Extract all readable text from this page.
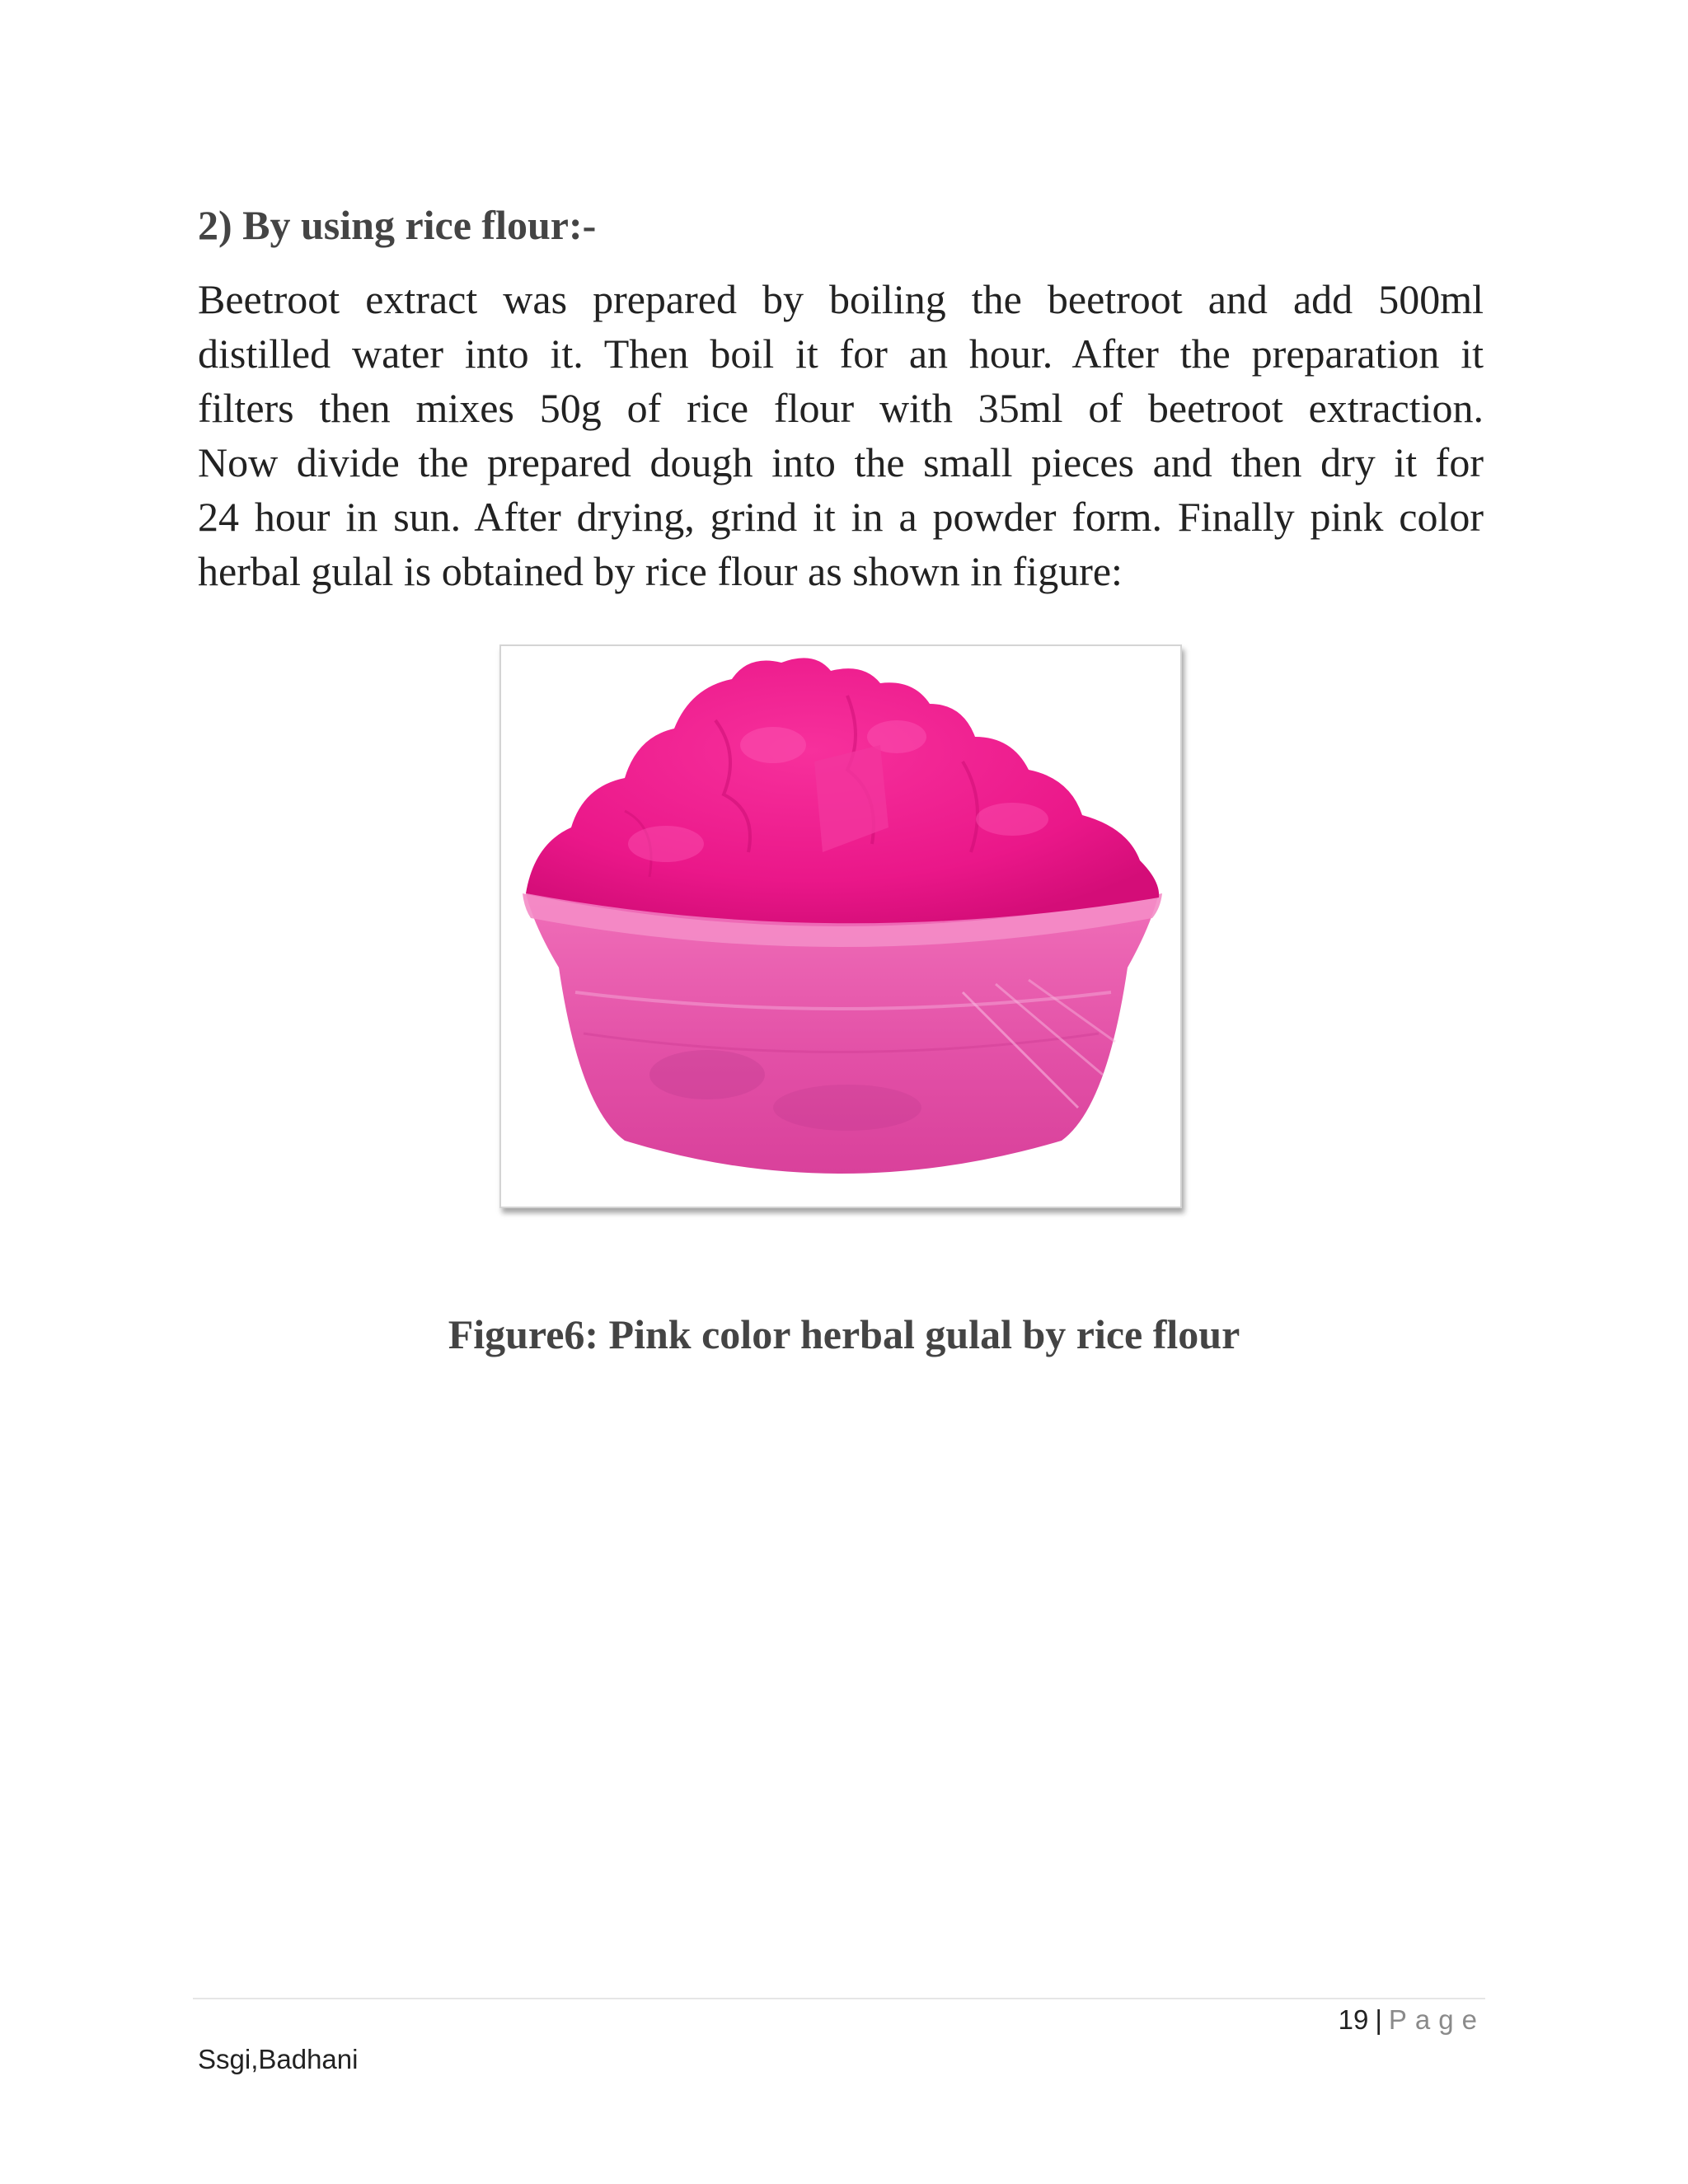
2) By using rice flour:-
Beetroot extract was prepared by boiling the beetroot and add 500ml
distilled water into it. Then boil it for an hour. After the preparation it
filters then mixes 50g of rice flour with 35ml of beetroot extraction.
Now divide the prepared dough into the small pieces and then dry it for
24 hour in sun. After drying, grind it in a powder form. Finally pink color
herbal gulal is obtained by rice flour as shown in figure:
Figure6: Pink color herbal gulal by rice flour
19 | Page
Ssgi,Badhani
